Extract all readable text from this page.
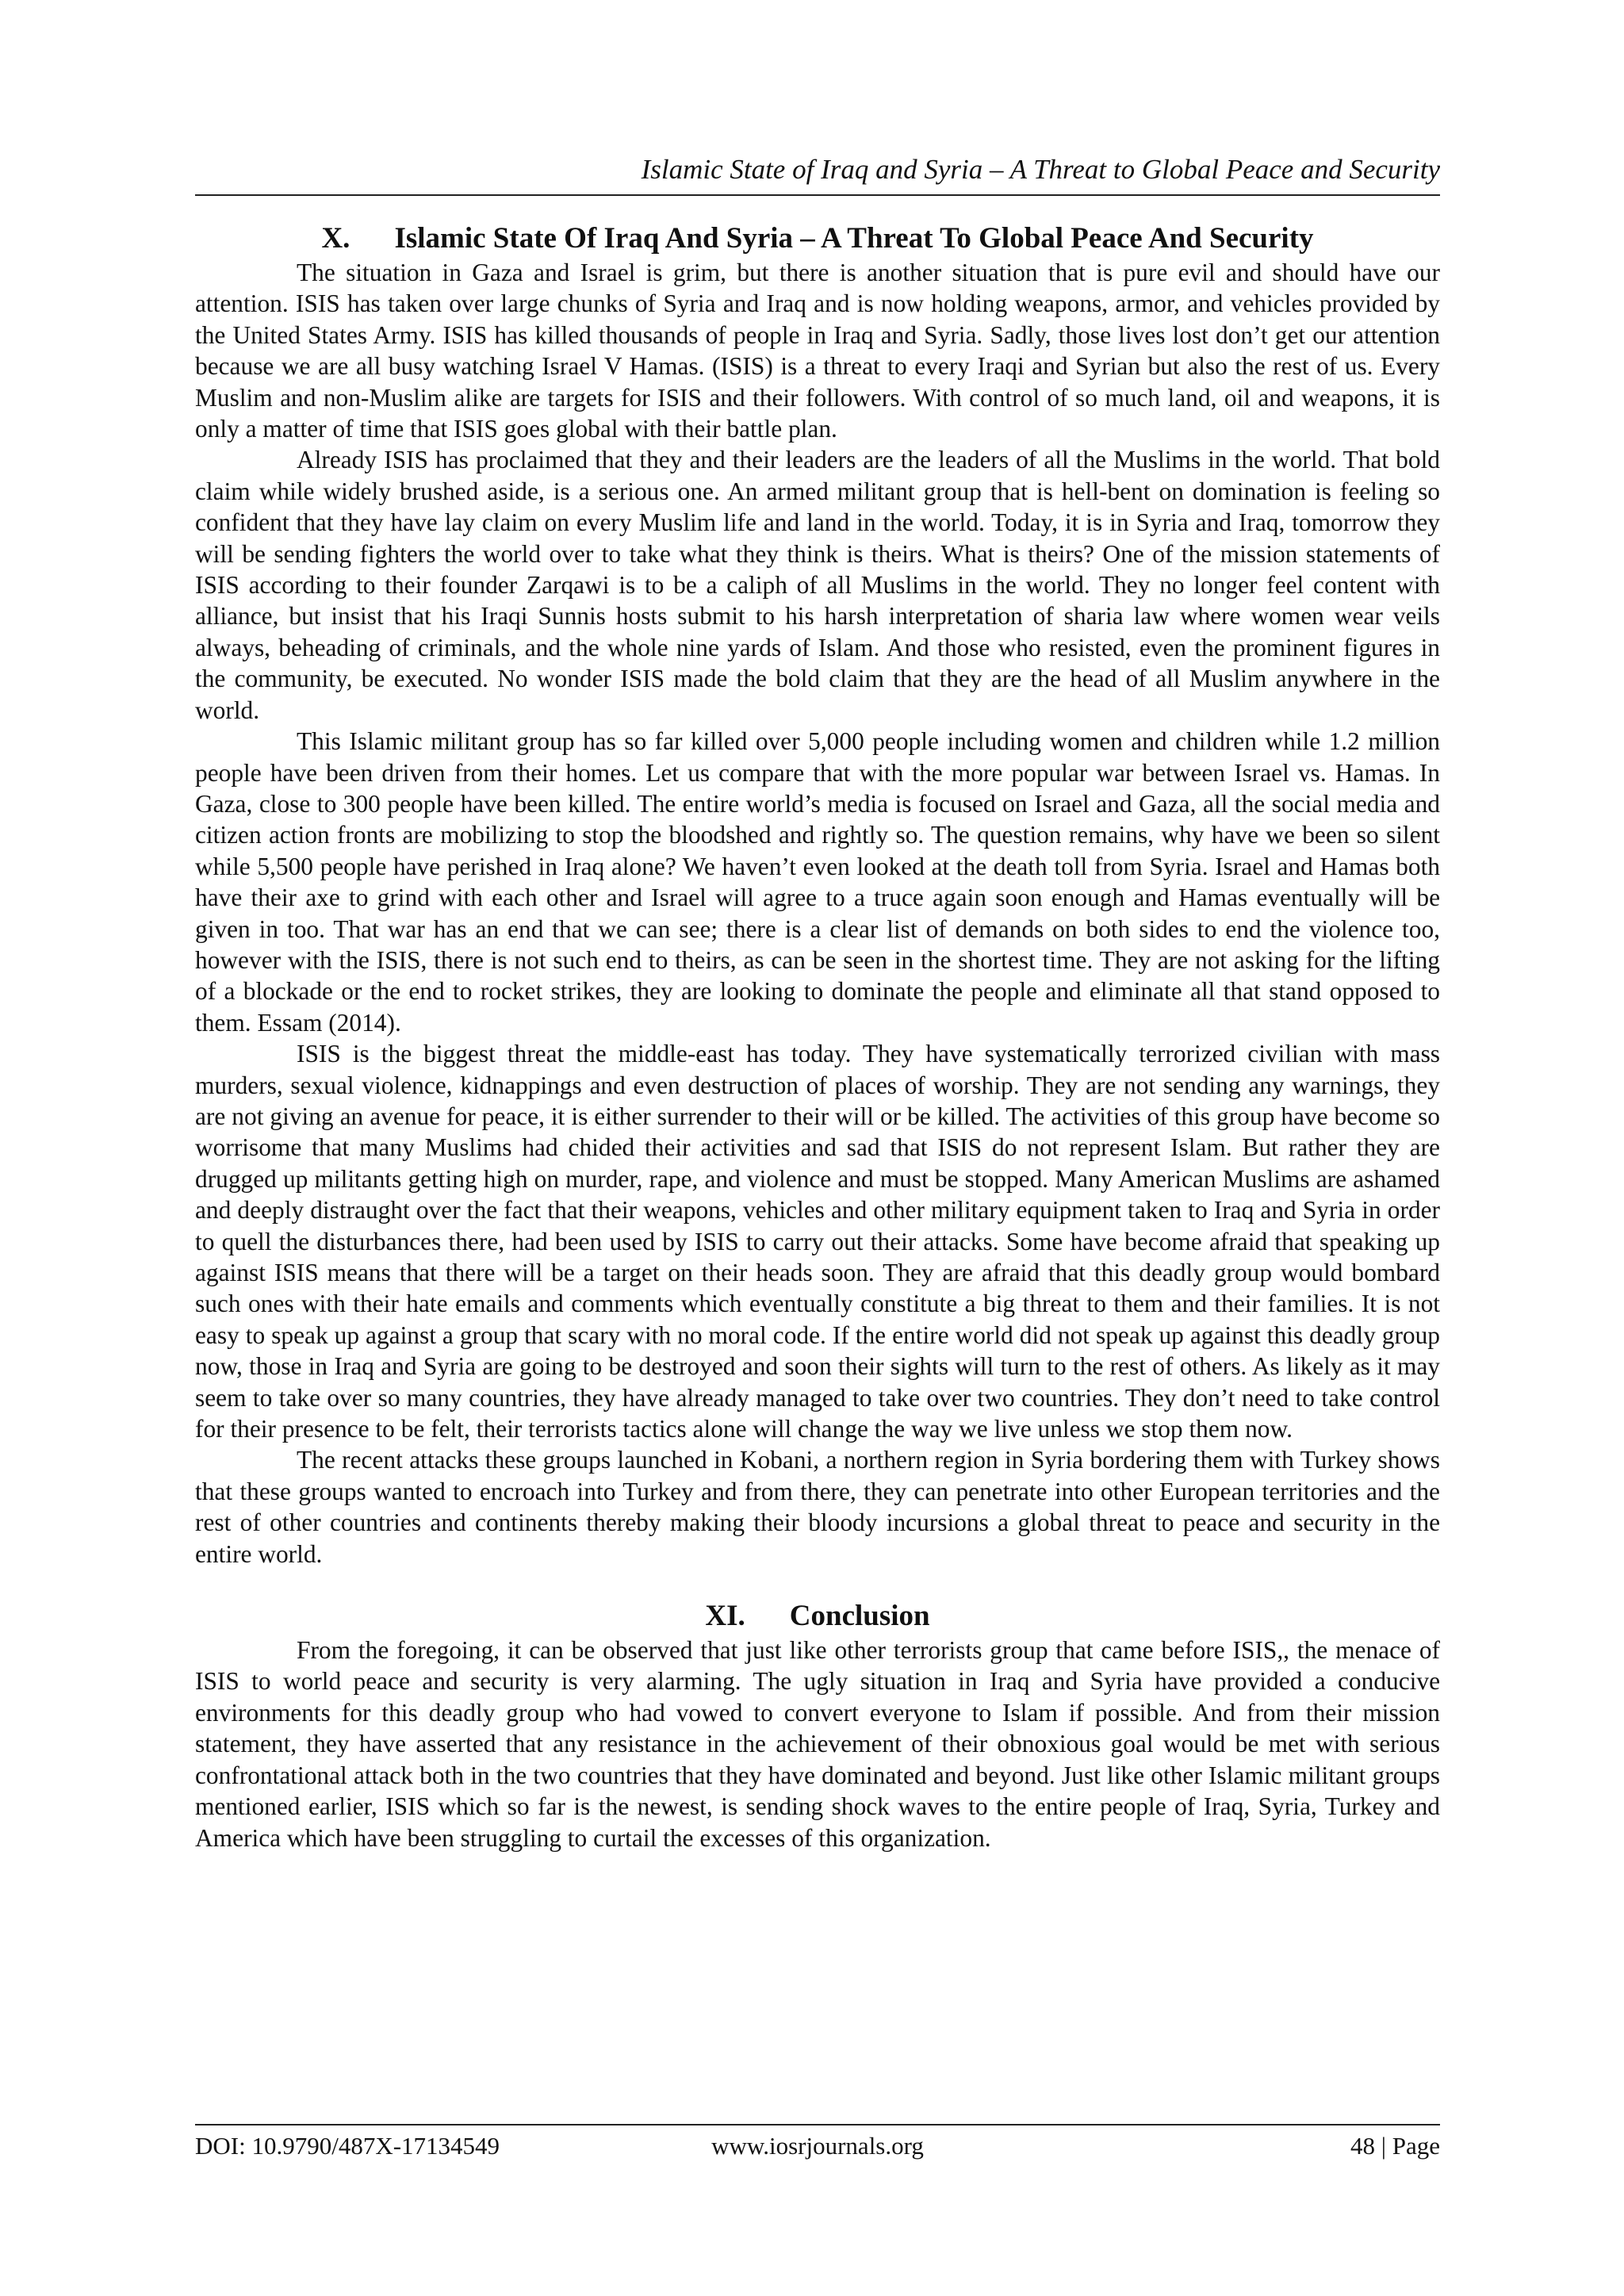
Islamic State of Iraq and Syria – A Threat to Global Peace and Security
X. Islamic State Of Iraq And Syria – A Threat To Global Peace And Security

The situation in Gaza and Israel is grim, but there is another situation that is pure evil and should have our attention. ISIS has taken over large chunks of Syria and Iraq and is now holding weapons, armor, and vehicles provided by the United States Army. ISIS has killed thousands of people in Iraq and Syria. Sadly, those lives lost don’t get our attention because we are all busy watching Israel V Hamas. (ISIS) is a threat to every Iraqi and Syrian but also the rest of us. Every Muslim and non-Muslim alike are targets for ISIS and their followers. With control of so much land, oil and weapons, it is only a matter of time that ISIS goes global with their battle plan.

Already ISIS has proclaimed that they and their leaders are the leaders of all the Muslims in the world. That bold claim while widely brushed aside, is a serious one. An armed militant group that is hell-bent on domination is feeling so confident that they have lay claim on every Muslim life and land in the world. Today, it is in Syria and Iraq, tomorrow they will be sending fighters the world over to take what they think is theirs. What is theirs? One of the mission statements of ISIS according to their founder Zarqawi is to be a caliph of all Muslims in the world. They no longer feel content with alliance, but insist that his Iraqi Sunnis hosts submit to his harsh interpretation of sharia law where women wear veils always, beheading of criminals, and the whole nine yards of Islam. And those who resisted, even the prominent figures in the community, be executed. No wonder ISIS made the bold claim that they are the head of all Muslim anywhere in the world.

This Islamic militant group has so far killed over 5,000 people including women and children while 1.2 million people have been driven from their homes. Let us compare that with the more popular war between Israel vs. Hamas. In Gaza, close to 300 people have been killed. The entire world’s media is focused on Israel and Gaza, all the social media and citizen action fronts are mobilizing to stop the bloodshed and rightly so. The question remains, why have we been so silent while 5,500 people have perished in Iraq alone? We haven’t even looked at the death toll from Syria. Israel and Hamas both have their axe to grind with each other and Israel will agree to a truce again soon enough and Hamas eventually will be given in too. That war has an end that we can see; there is a clear list of demands on both sides to end the violence too, however with the ISIS, there is not such end to theirs, as can be seen in the shortest time. They are not asking for the lifting of a blockade or the end to rocket strikes, they are looking to dominate the people and eliminate all that stand opposed to them. Essam (2014).

ISIS is the biggest threat the middle-east has today. They have systematically terrorized civilian with mass murders, sexual violence, kidnappings and even destruction of places of worship. They are not sending any warnings, they are not giving an avenue for peace, it is either surrender to their will or be killed. The activities of this group have become so worrisome that many Muslims had chided their activities and sad that ISIS do not represent Islam. But rather they are drugged up militants getting high on murder, rape, and violence and must be stopped. Many American Muslims are ashamed and deeply distraught over the fact that their weapons, vehicles and other military equipment taken to Iraq and Syria in order to quell the disturbances there, had been used by ISIS to carry out their attacks. Some have become afraid that speaking up against ISIS means that there will be a target on their heads soon. They are afraid that this deadly group would bombard such ones with their hate emails and comments which eventually constitute a big threat to them and their families. It is not easy to speak up against a group that scary with no moral code. If the entire world did not speak up against this deadly group now, those in Iraq and Syria are going to be destroyed and soon their sights will turn to the rest of others. As likely as it may seem to take over so many countries, they have already managed to take over two countries. They don’t need to take control for their presence to be felt, their terrorists tactics alone will change the way we live unless we stop them now.

The recent attacks these groups launched in Kobani, a northern region in Syria bordering them with Turkey shows that these groups wanted to encroach into Turkey and from there, they can penetrate into other European territories and the rest of other countries and continents thereby making their bloody incursions a global threat to peace and security in the entire world.

XI. Conclusion

From the foregoing, it can be observed that just like other terrorists group that came before ISIS,, the menace of ISIS to world peace and security is very alarming. The ugly situation in Iraq and Syria have provided a conducive environments for this deadly group who had vowed to convert everyone to Islam if possible. And from their mission statement, they have asserted that any resistance in the achievement of their obnoxious goal would be met with serious confrontational attack both in the two countries that they have dominated and beyond. Just like other Islamic militant groups mentioned earlier, ISIS which so far is the newest, is sending shock waves to the entire people of Iraq, Syria, Turkey and America which have been struggling to curtail the excesses of this organization.

DOI: 10.9790/487X-17134549	www.iosrjournals.org	48 | Page
